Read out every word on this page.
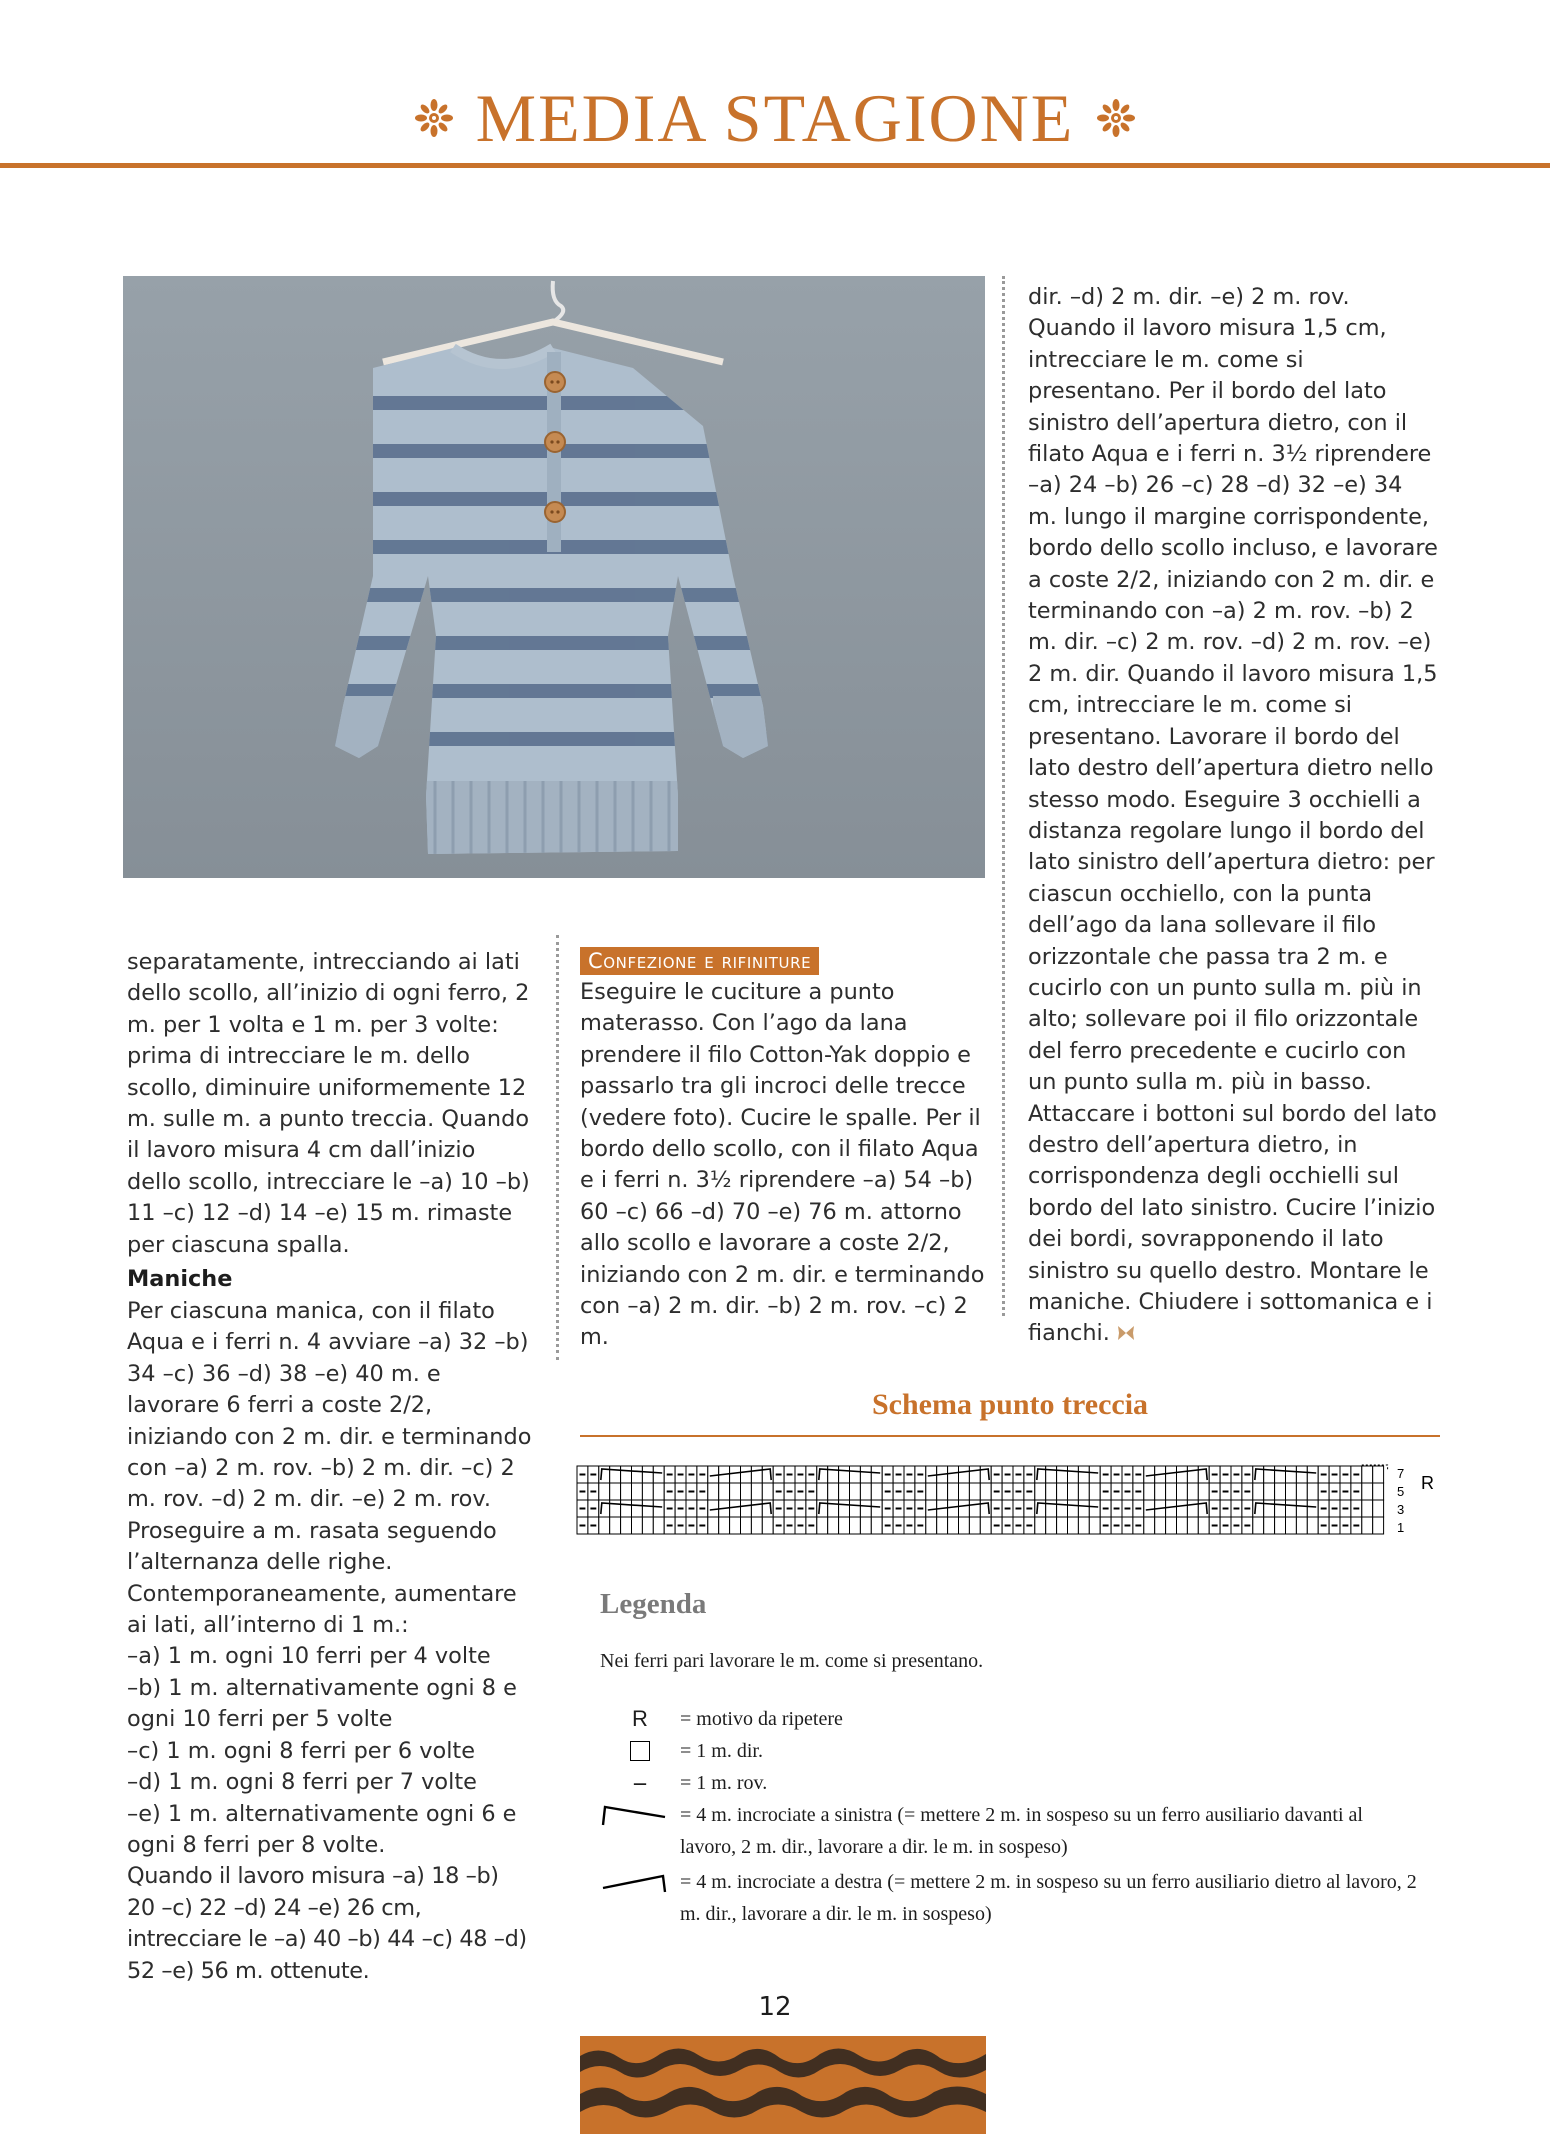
MEDIA STAGIONE

separatamente, intrecciando ai lati dello scollo, all’inizio di ogni ferro, 2 m. per 1 volta e 1 m. per 3 volte: prima di intrecciare le m. dello scollo, diminuire uniformemente 12 m. sulle m. a punto treccia. Quando il lavoro misura 4 cm dall’inizio dello scollo, intrecciare le –a) 10 –b) 11 –c) 12 –d) 14 –e) 15 m. rimaste per ciascuna spalla.

Maniche

Per ciascuna manica, con il filato Aqua e i ferri n. 4 avviare –a) 32 –b) 34 –c) 36 –d) 38 –e) 40 m. e lavorare 6 ferri a coste 2/2, iniziando con 2 m. dir. e terminando con –a) 2 m. rov. –b) 2 m. dir. –c) 2 m. rov. –d) 2 m. dir. –e) 2 m. rov. Proseguire a m. rasata seguendo l’alternanza delle righe. Contemporaneamente, aumentare ai lati, all’interno di 1 m.:

–a) 1 m. ogni 10 ferri per 4 volte
–b) 1 m. alternativamente ogni 8 e ogni 10 ferri per 5 volte
–c) 1 m. ogni 8 ferri per 6 volte
–d) 1 m. ogni 8 ferri per 7 volte
–e) 1 m. alternativamente ogni 6 e ogni 8 ferri per 8 volte.

Quando il lavoro misura –a) 18 –b) 20 –c) 22 –d) 24 –e) 26 cm, intrecciare le –a) 40 –b) 44 –c) 48 –d) 52 –e) 56 m. ottenute.

Confezione e rifiniture

Eseguire le cuciture a punto materasso. Con l’ago da lana prendere il filo Cotton-Yak doppio e passarlo tra gli incroci delle trecce (vedere foto). Cucire le spalle. Per il bordo dello scollo, con il filato Aqua e i ferri n. 3½ riprendere –a) 54 –b) 60 –c) 66 –d) 70 –e) 76 m. attorno allo scollo e lavorare a coste 2/2, iniziando con 2 m. dir. e terminando con –a) 2 m. dir. –b) 2 m. rov. –c) 2 m.

dir. –d) 2 m. dir. –e) 2 m. rov. Quando il lavoro misura 1,5 cm, intrecciare le m. come si presentano. Per il bordo del lato sinistro dell’apertura dietro, con il filato Aqua e i ferri n. 3½ riprendere –a) 24 –b) 26 –c) 28 –d) 32 –e) 34 m. lungo il margine corrispondente, bordo dello scollo incluso, e lavorare a coste 2/2, iniziando con 2 m. dir. e terminando con –a) 2 m. rov. –b) 2 m. dir. –c) 2 m. rov. –d) 2 m. rov. –e) 2 m. dir. Quando il lavoro misura 1,5 cm, intrecciare le m. come si presentano. Lavorare il bordo del lato destro dell’apertura dietro nello stesso modo. Eseguire 3 occhielli a distanza regolare lungo il bordo del lato sinistro dell’apertura dietro: per ciascun occhiello, con la punta dell’ago da lana sollevare il filo orizzontale che passa tra 2 m. e cucirlo con un punto sulla m. più in alto; sollevare poi il filo orizzontale del ferro precedente e cucirlo con un punto sulla m. più in basso. Attaccare i bottoni sul bordo del lato destro dell’apertura dietro, in corrispondenza degli occhielli sul bordo del lato sinistro. Cucire l’inizio dei bordi, sovrapponendo il lato sinistro su quello destro. Montare le maniche. Chiudere i sottomanica e i fianchi.

Schema punto treccia
R
7
5
3
1
Legenda
Nei ferri pari lavorare le m. come si presentano.
R = motivo da ripetere
= 1 m. dir.
– = 1 m. rov.
= 4 m. incrociate a sinistra (= mettere 2 m. in sospeso su un ferro ausiliario davanti al lavoro, 2 m. dir., lavorare a dir. le m. in sospeso)
= 4 m. incrociate a destra (= mettere 2 m. in sospeso su un ferro ausiliario dietro al lavoro, 2 m. dir., lavorare a dir. le m. in sospeso)
12
